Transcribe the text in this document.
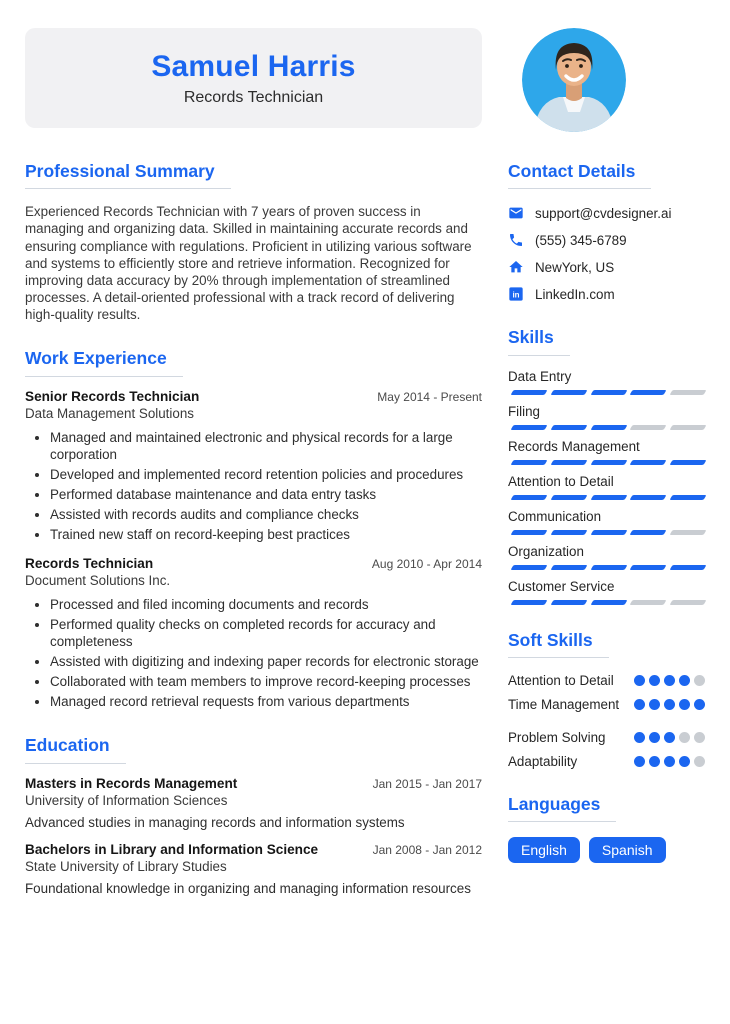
Samuel Harris
Records Technician
Professional Summary

Experienced Records Technician with 7 years of proven success in managing and organizing data. Skilled in maintaining accurate records and ensuring compliance with regulations. Proficient in utilizing various software and systems to efficiently store and retrieve information. Recognized for improving data accuracy by 20% through implementation of streamlined processes. A detail-oriented professional with a track record of delivering high-quality results.

Work Experience
Senior Records Technician	May 2014 - Present
Data Management Solutions
• Managed and maintained electronic and physical records for a large corporation
• Developed and implemented record retention policies and procedures
• Performed database maintenance and data entry tasks
• Assisted with records audits and compliance checks
• Trained new staff on record-keeping best practices
Records Technician	Aug 2010 - Apr 2014
Document Solutions Inc.
• Processed and filed incoming documents and records
• Performed quality checks on completed records for accuracy and completeness
• Assisted with digitizing and indexing paper records for electronic storage
• Collaborated with team members to improve record-keeping processes
• Managed record retrieval requests from various departments
Education
Masters in Records Management	Jan 2015 - Jan 2017
University of Information Sciences
Advanced studies in managing records and information systems
Bachelors in Library and Information Science	Jan 2008 - Jan 2012
State University of Library Studies
Foundational knowledge in organizing and managing information resources
Contact Details
support@cvdesigner.ai
(555) 345-6789
NewYork, US
in LinkedIn.com
Skills
Data Entry
Filing
Records Management
Attention to Detail
Communication
Organization
Customer Service
Soft Skills
Attention to Detail
Time Management
Problem Solving
Adaptability
Languages
English	Spanish
